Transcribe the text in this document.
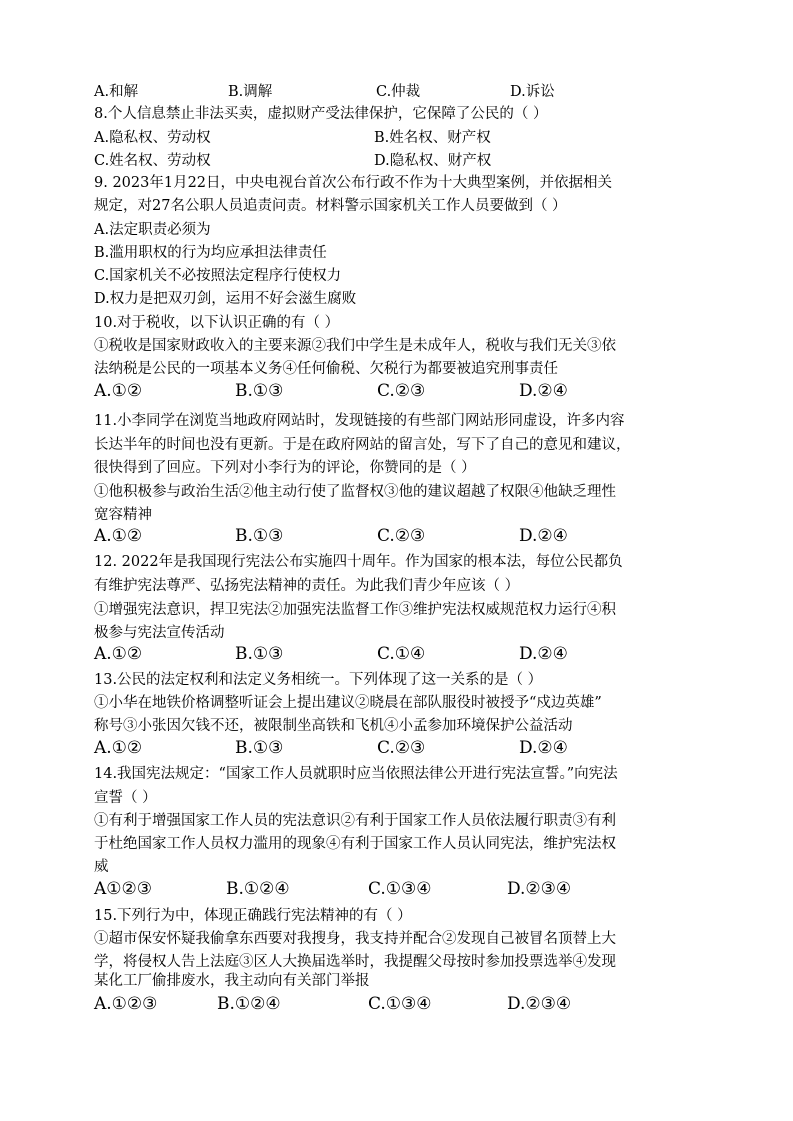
A.和解	B.调解	C.仲裁	D.诉讼
8.个人信息禁止非法买卖，虚拟财产受法律保护，它保障了公民的（ ）
A.隐私权、劳动权	B.姓名权、财产权
C.姓名权、劳动权	D.隐私权、财产权
9. 2023年1月22日，中央电视台首次公布行政不作为十大典型案例，并依据相关
规定，对27名公职人员追责问责。材料警示国家机关工作人员要做到（ ）
A.法定职责必须为
B.滥用职权的行为均应承担法律责任
C.国家机关不必按照法定程序行使权力
D.权力是把双刃剑，运用不好会滋生腐败
10.对于税收，以下认识正确的有（ ）
①税收是国家财政收入的主要来源②我们中学生是未成年人，税收与我们无关③依
法纳税是公民的一项基本义务④任何偷税、欠税行为都要被追究刑事责任
A.①②	B.①③	C.②③	D.②④
11.小李同学在浏览当地政府网站时，发现链接的有些部门网站形同虚设，许多内容
长达半年的时间也没有更新。于是在政府网站的留言处，写下了自己的意见和建议，
很快得到了回应。下列对小李行为的评论，你赞同的是（ ）
①他积极参与政治生活②他主动行使了监督权③他的建议超越了权限④他缺乏理性
宽容精神
A.①②	B.①③	C.②③	D.②④
12. 2022年是我国现行宪法公布实施四十周年。作为国家的根本法，每位公民都负
有维护宪法尊严、弘扬宪法精神的责任。为此我们青少年应该（ ）
①增强宪法意识，捍卫宪法②加强宪法监督工作③维护宪法权威规范权力运行④积
极参与宪法宣传活动
A.①②	B.①③	C.①④	D.②④
13.公民的法定权利和法定义务相统一。下列体现了这一关系的是（ ）
①小华在地铁价格调整听证会上提出建议②晓晨在部队服役时被授予“戍边英雄”
称号③小张因欠钱不还，被限制坐高铁和飞机④小孟参加环境保护公益活动
A.①②	B.①③	C.②③	D.②④
14.我国宪法规定：“国家工作人员就职时应当依照法律公开进行宪法宣誓。”向宪法
宣誓（ ）
①有利于增强国家工作人员的宪法意识②有利于国家工作人员依法履行职责③有利
于杜绝国家工作人员权力滥用的现象④有利于国家工作人员认同宪法，维护宪法权
威
A①②③	B.①②④	C.①③④	D.②③④
15.下列行为中，体现正确践行宪法精神的有（ ）
①超市保安怀疑我偷拿东西要对我搜身，我支持并配合②发现自己被冒名顶替上大
学，将侵权人告上法庭③区人大换届选举时，我提醒父母按时参加投票选举④发现
某化工厂偷排废水，我主动向有关部门举报
A.①②③	B.①②④	C.①③④	D.②③④
